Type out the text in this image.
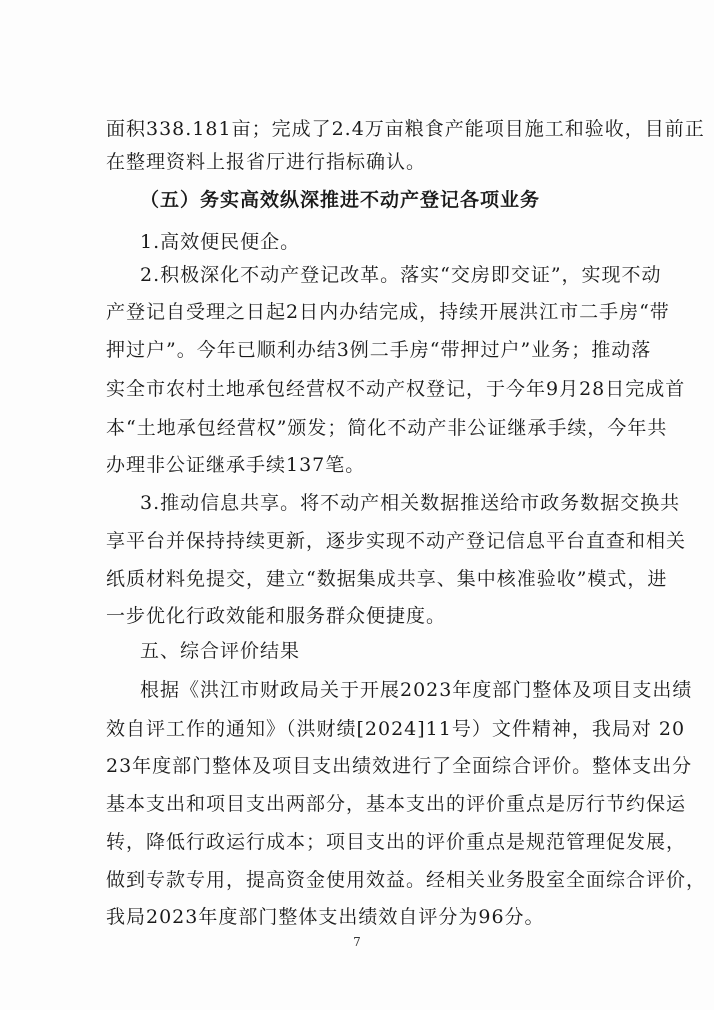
面积338.181亩；完成了2.4万亩粮食产能项目施工和验收，目前正
在整理资料上报省厅进行指标确认。
（五）务实高效纵深推进不动产登记各项业务
1.高效便民便企。
2.积极深化不动产登记改革。落实“交房即交证”，实现不动
产登记自受理之日起2日内办结完成，持续开展洪江市二手房“带
押过户”。今年已顺利办结3例二手房“带押过户”业务；推动落
实全市农村土地承包经营权不动产权登记，于今年9月28日完成首
本“土地承包经营权”颁发；简化不动产非公证继承手续，今年共
办理非公证继承手续137笔。
3.推动信息共享。将不动产相关数据推送给市政务数据交换共
享平台并保持持续更新，逐步实现不动产登记信息平台直查和相关
纸质材料免提交，建立“数据集成共享、集中核准验收”模式，进
一步优化行政效能和服务群众便捷度。
五、综合评价结果
根据《洪江市财政局关于开展2023年度部门整体及项目支出绩
效自评工作的通知》（洪财绩[2024]11号）文件精神，我局对 20
23年度部门整体及项目支出绩效进行了全面综合评价。整体支出分
基本支出和项目支出两部分，基本支出的评价重点是厉行节约保运
转，降低行政运行成本；项目支出的评价重点是规范管理促发展，
做到专款专用，提高资金使用效益。经相关业务股室全面综合评价，
我局2023年度部门整体支出绩效自评分为96分。
7
